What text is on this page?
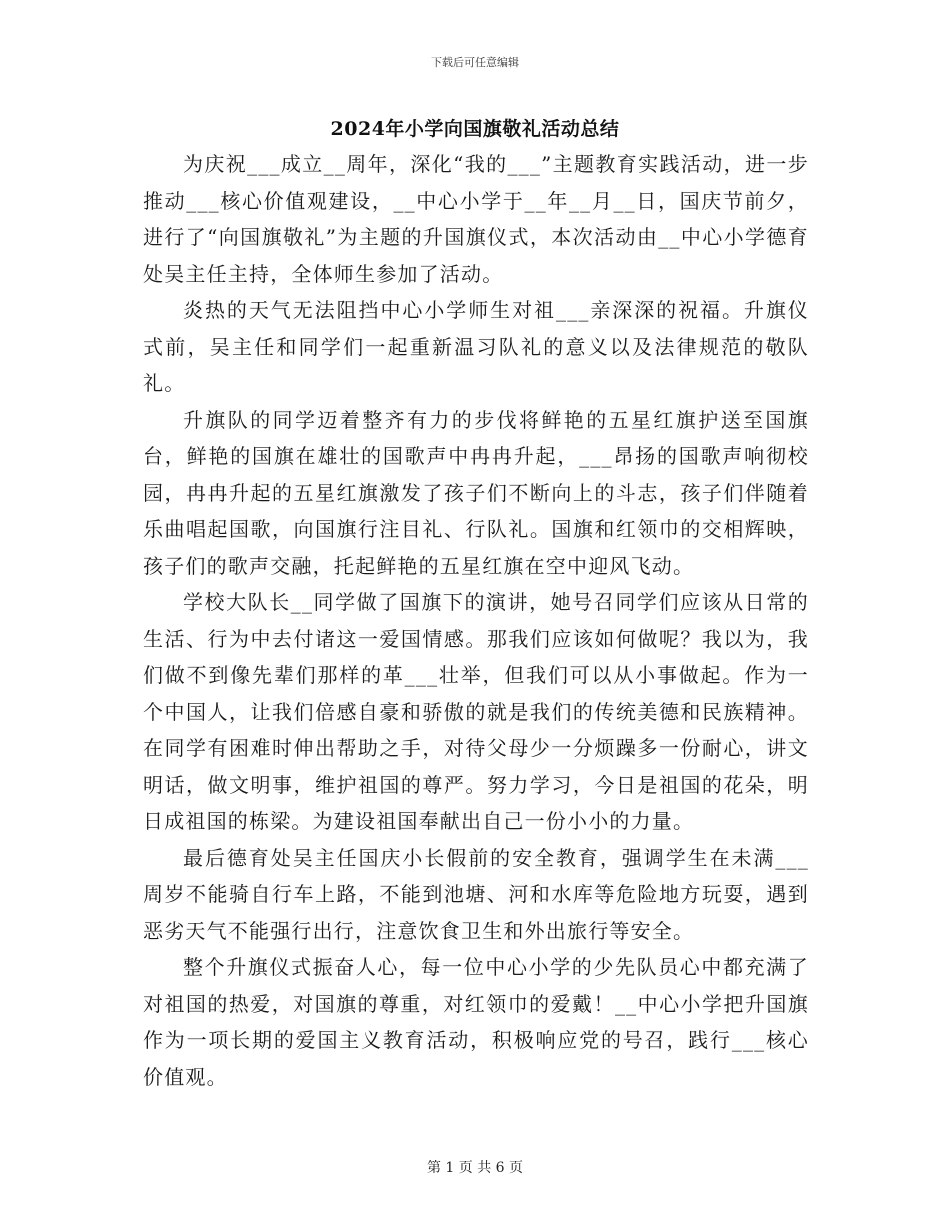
下载后可任意编辑
2024年小学向国旗敬礼活动总结

为庆祝___成立__周年，深化“我的___”主题教育实践活动，进一步推动___核心价值观建设，__中心小学于__年__月__日，国庆节前夕，进行了“向国旗敬礼”为主题的升国旗仪式，本次活动由__中心小学德育处吴主任主持，全体师生参加了活动。

炎热的天气无法阻挡中心小学师生对祖___亲深深的祝福。升旗仪式前，吴主任和同学们一起重新温习队礼的意义以及法律规范的敬队礼。

升旗队的同学迈着整齐有力的步伐将鲜艳的五星红旗护送至国旗台，鲜艳的国旗在雄壮的国歌声中冉冉升起，___昂扬的国歌声响彻校园，冉冉升起的五星红旗激发了孩子们不断向上的斗志，孩子们伴随着乐曲唱起国歌，向国旗行注目礼、行队礼。国旗和红领巾的交相辉映，孩子们的歌声交融，托起鲜艳的五星红旗在空中迎风飞动。

学校大队长__同学做了国旗下的演讲，她号召同学们应该从日常的生活、行为中去付诸这一爱国情感。那我们应该如何做呢？我以为，我们做不到像先辈们那样的革___壮举，但我们可以从小事做起。作为一个中国人，让我们倍感自豪和骄傲的就是我们的传统美德和民族精神。在同学有困难时伸出帮助之手，对待父母少一分烦躁多一份耐心，讲文明话，做文明事，维护祖国的尊严。努力学习，今日是祖国的花朵，明日成祖国的栋梁。为建设祖国奉献出自己一份小小的力量。

最后德育处吴主任国庆小长假前的安全教育，强调学生在未满___周岁不能骑自行车上路，不能到池塘、河和水库等危险地方玩耍，遇到恶劣天气不能强行出行，注意饮食卫生和外出旅行等安全。

整个升旗仪式振奋人心，每一位中心小学的少先队员心中都充满了对祖国的热爱，对国旗的尊重，对红领巾的爱戴！__中心小学把升国旗作为一项长期的爱国主义教育活动，积极响应党的号召，践行___核心价值观。

第 1 页 共 6 页
